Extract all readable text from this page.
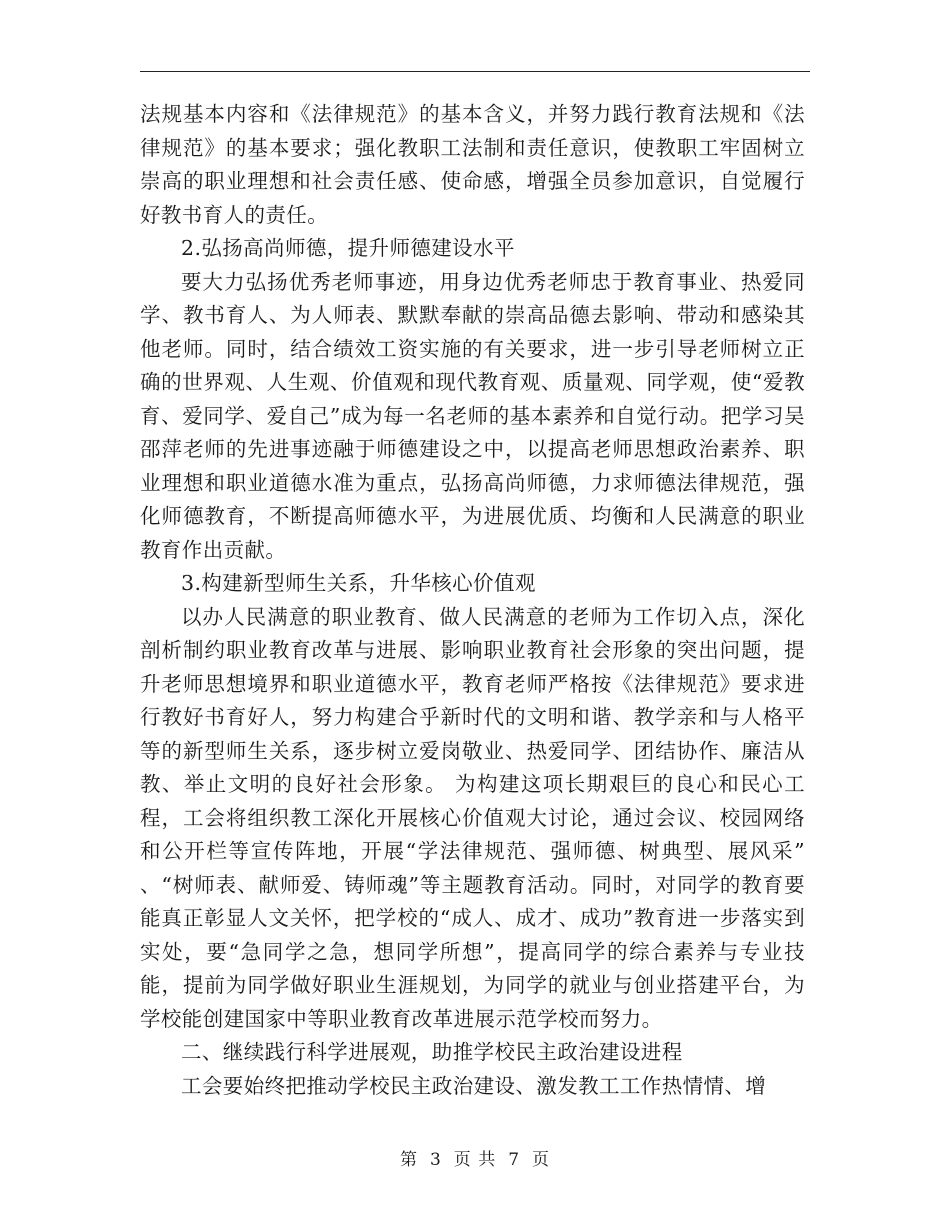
法规基本内容和《法律规范》的基本含义，并努力践行教育法规和《法律规范》的基本要求；强化教职工法制和责任意识，使教职工牢固树立崇高的职业理想和社会责任感、使命感，增强全员参加意识，自觉履行好教书育人的责任。

2.弘扬高尚师德，提升师德建设水平

要大力弘扬优秀老师事迹，用身边优秀老师忠于教育事业、热爱同学、教书育人、为人师表、默默奉献的崇高品德去影响、带动和感染其他老师。同时，结合绩效工资实施的有关要求，进一步引导老师树立正确的世界观、人生观、价值观和现代教育观、质量观、同学观，使“爱教育、爱同学、爱自己”成为每一名老师的基本素养和自觉行动。把学习吴邵萍老师的先进事迹融于师德建设之中，以提高老师思想政治素养、职业理想和职业道德水准为重点，弘扬高尚师德，力求师德法律规范，强化师德教育，不断提高师德水平，为进展优质、均衡和人民满意的职业教育作出贡献。

3.构建新型师生关系，升华核心价值观

以办人民满意的职业教育、做人民满意的老师为工作切入点，深化剖析制约职业教育改革与进展、影响职业教育社会形象的突出问题，提升老师思想境界和职业道德水平，教育老师严格按《法律规范》要求进行教好书育好人，努力构建合乎新时代的文明和谐、教学亲和与人格平等的新型师生关系，逐步树立爱岗敬业、热爱同学、团结协作、廉洁从教、举止文明的良好社会形象。 为构建这项长期艰巨的良心和民心工程，工会将组织教工深化开展核心价值观大讨论，通过会议、校园网络和公开栏等宣传阵地，开展“学法律规范、强师德、树典型、展风采” 、“树师表、献师爱、铸师魂”等主题教育活动。同时，对同学的教育要能真正彰显人文关怀，把学校的“成人、成才、成功”教育进一步落实到实处，要“急同学之急，想同学所想”，提高同学的综合素养与专业技能，提前为同学做好职业生涯规划，为同学的就业与创业搭建平台，为学校能创建国家中等职业教育改革进展示范学校而努力。

二、继续践行科学进展观，助推学校民主政治建设进程

工会要始终把推动学校民主政治建设、激发教工工作热情情、增

第 3 页 共 7 页
